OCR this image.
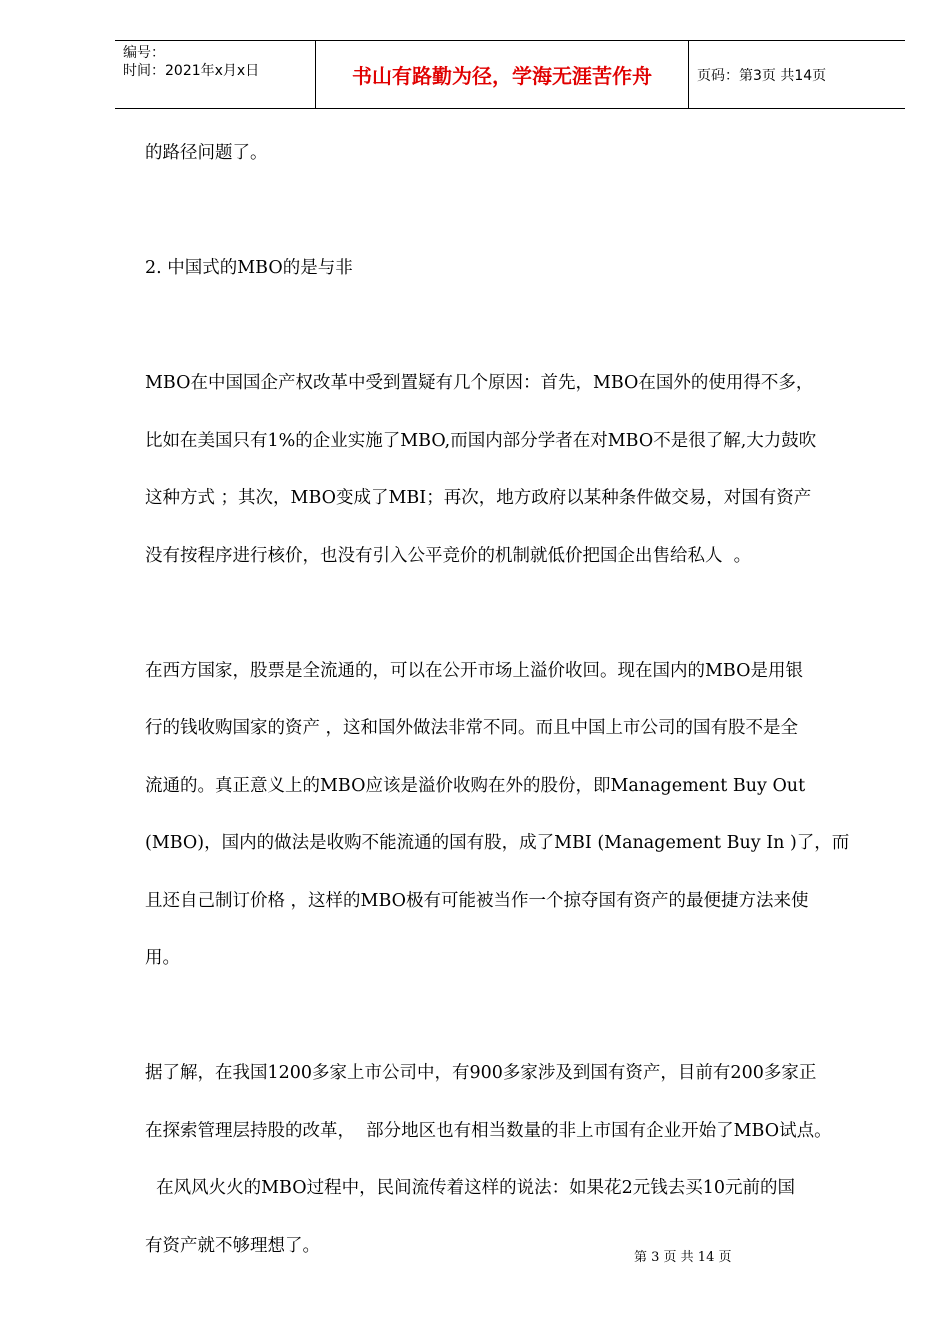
编号：
时间：2021年x月x日	书山有路勤为径，学海无涯苦作舟	页码：第3页 共14页

的路径问题了。

2. 中国式的MBO的是与非

MBO在中国国企产权改革中受到置疑有几个原因：首先，MBO在国外的使用得不多，

比如在美国只有1%的企业实施了MBO,而国内部分学者在对MBO不是很了解,大力鼓吹

这种方式 ；其次，MBO变成了MBI；再次，地方政府以某种条件做交易，对国有资产

没有按程序进行核价，也没有引入公平竞价的机制就低价把国企出售给私人  。

在西方国家，股票是全流通的，可以在公开市场上溢价收回。现在国内的MBO是用银

行的钱收购国家的资产 ，这和国外做法非常不同。而且中国上市公司的国有股不是全

流通的。真正意义上的MBO应该是溢价收购在外的股份，即Management Buy Out

(MBO)，国内的做法是收购不能流通的国有股，成了MBI (Management Buy In )了，而

且还自己制订价格 ，这样的MBO极有可能被当作一个掠夺国有资产的最便捷方法来使

用。

据了解，在我国1200多家上市公司中，有900多家涉及到国有资产，目前有200多家正

在探索管理层持股的改革，  部分地区也有相当数量的非上市国有企业开始了MBO试点。

在风风火火的MBO过程中，民间流传着这样的说法：如果花2元钱去买10元前的国

有资产就不够理想了。

第 3 页 共 14 页
